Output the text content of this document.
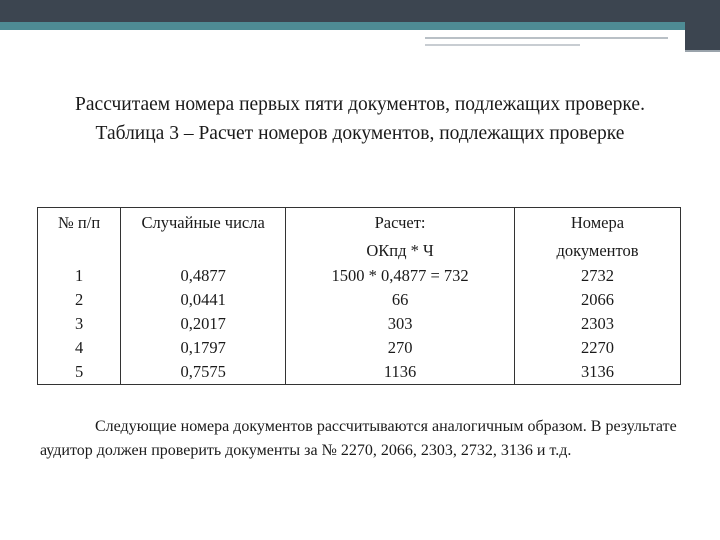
Рассчитаем номера первых пяти документов, подлежащих проверке.
Таблица 3 – Расчет номеров документов, подлежащих проверке
№ п/п	Случайные числа	Расчет:	Номера
		ОКпд * Ч	документов
1	0,4877	1500 * 0,4877 = 732	2732
2	0,0441	66	2066
3	0,2017	303	2303
4	0,1797	270	2270
5	0,7575	1136	3136
Следующие номера документов рассчитываются аналогичным образом. В результате аудитор должен проверить документы за № 2270, 2066, 2303, 2732, 3136 и т.д.
